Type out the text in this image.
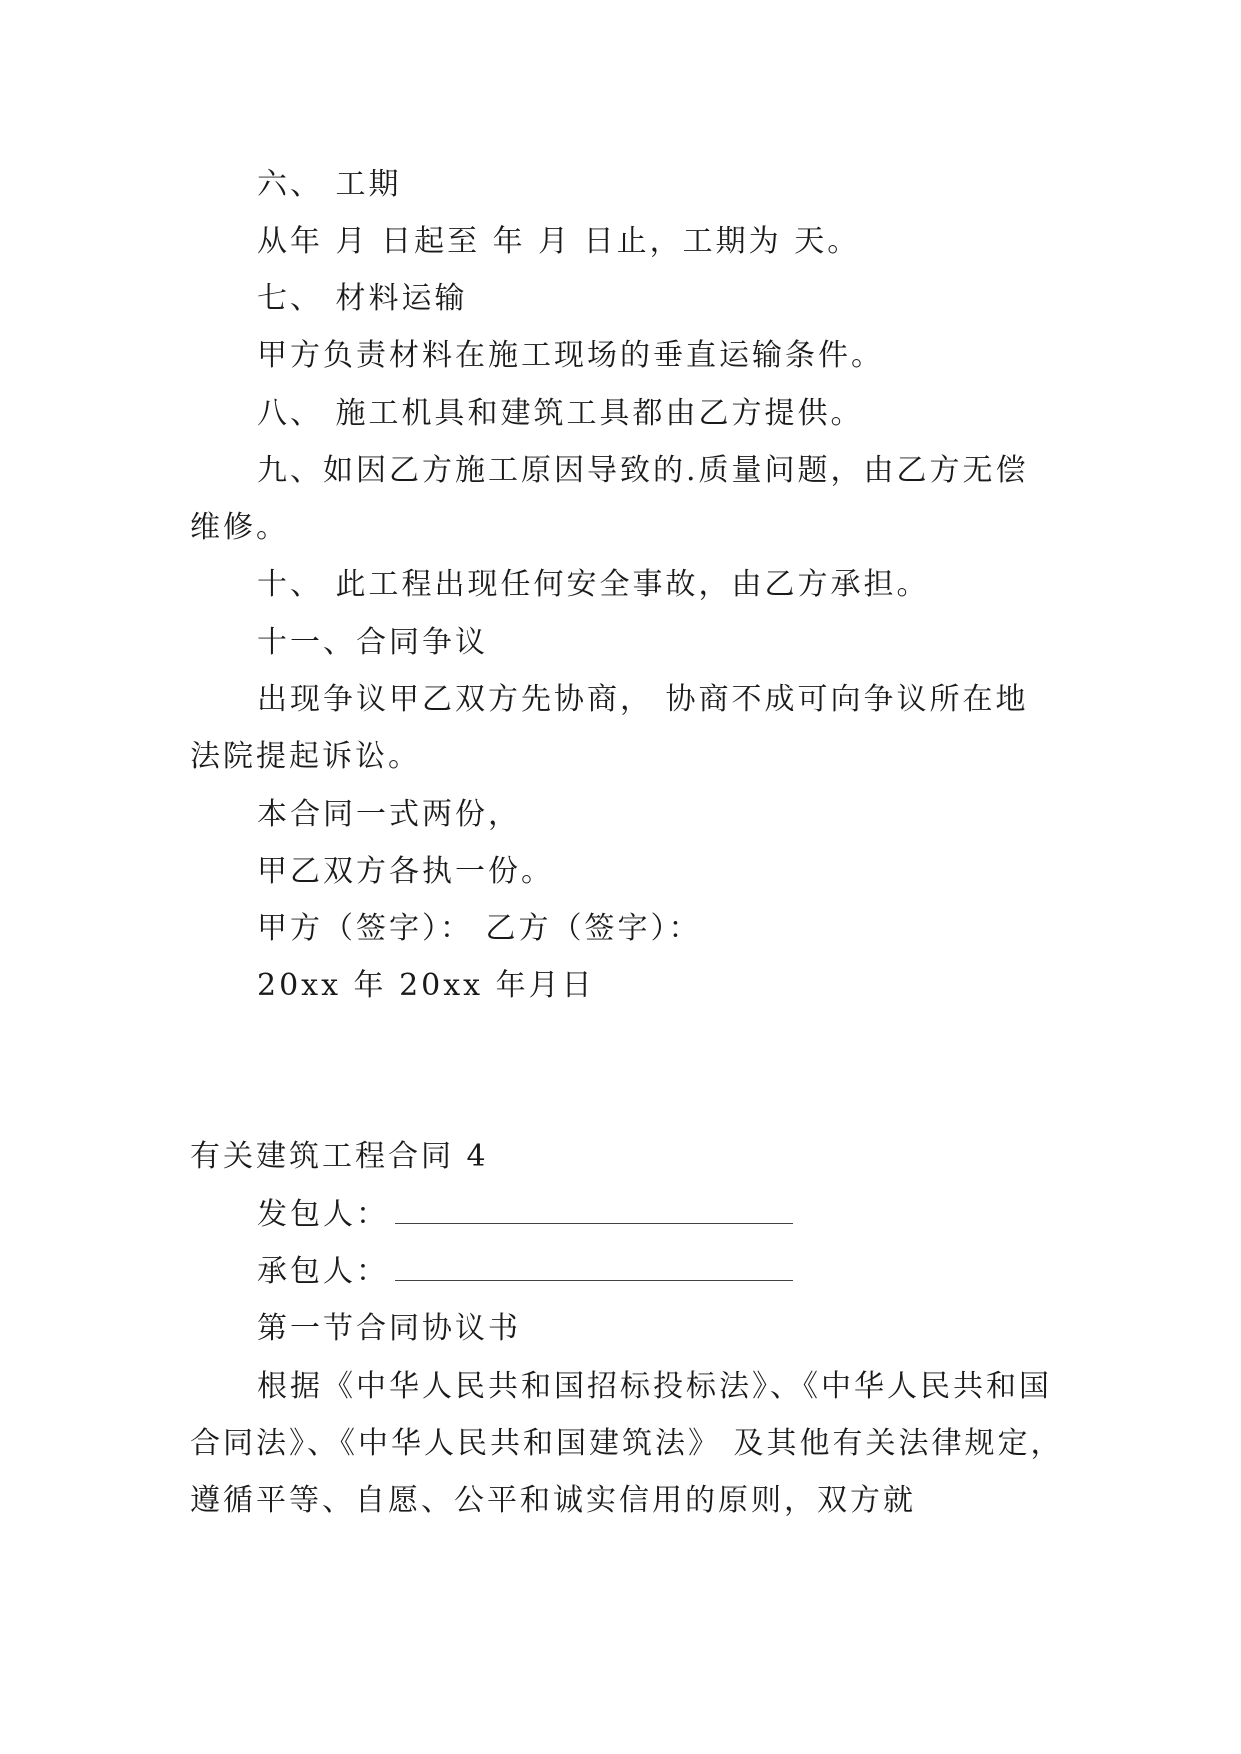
六、 工期
从年 月 日起至 年 月 日止，工期为 天。
七、 材料运输
甲方负责材料在施工现场的垂直运输条件。
八、 施工机具和建筑工具都由乙方提供。
九、如因乙方施工原因导致的.质量问题，由乙方无偿
维修。
十、 此工程出现任何安全事故，由乙方承担。
十一、合同争议
出现争议甲乙双方先协商， 协商不成可向争议所在地
法院提起诉讼。
本合同一式两份，
甲乙双方各执一份。
甲方（签字）： 乙方（签字）：
20xx 年 20xx 年月日
有关建筑工程合同 4
发包人：
承包人：
第一节合同协议书
根据《中华人民共和国招标投标法》、《中华人民共和国
合同法》、《中华人民共和国建筑法》 及其他有关法律规定，
遵循平等、自愿、公平和诚实信用的原则，双方就
